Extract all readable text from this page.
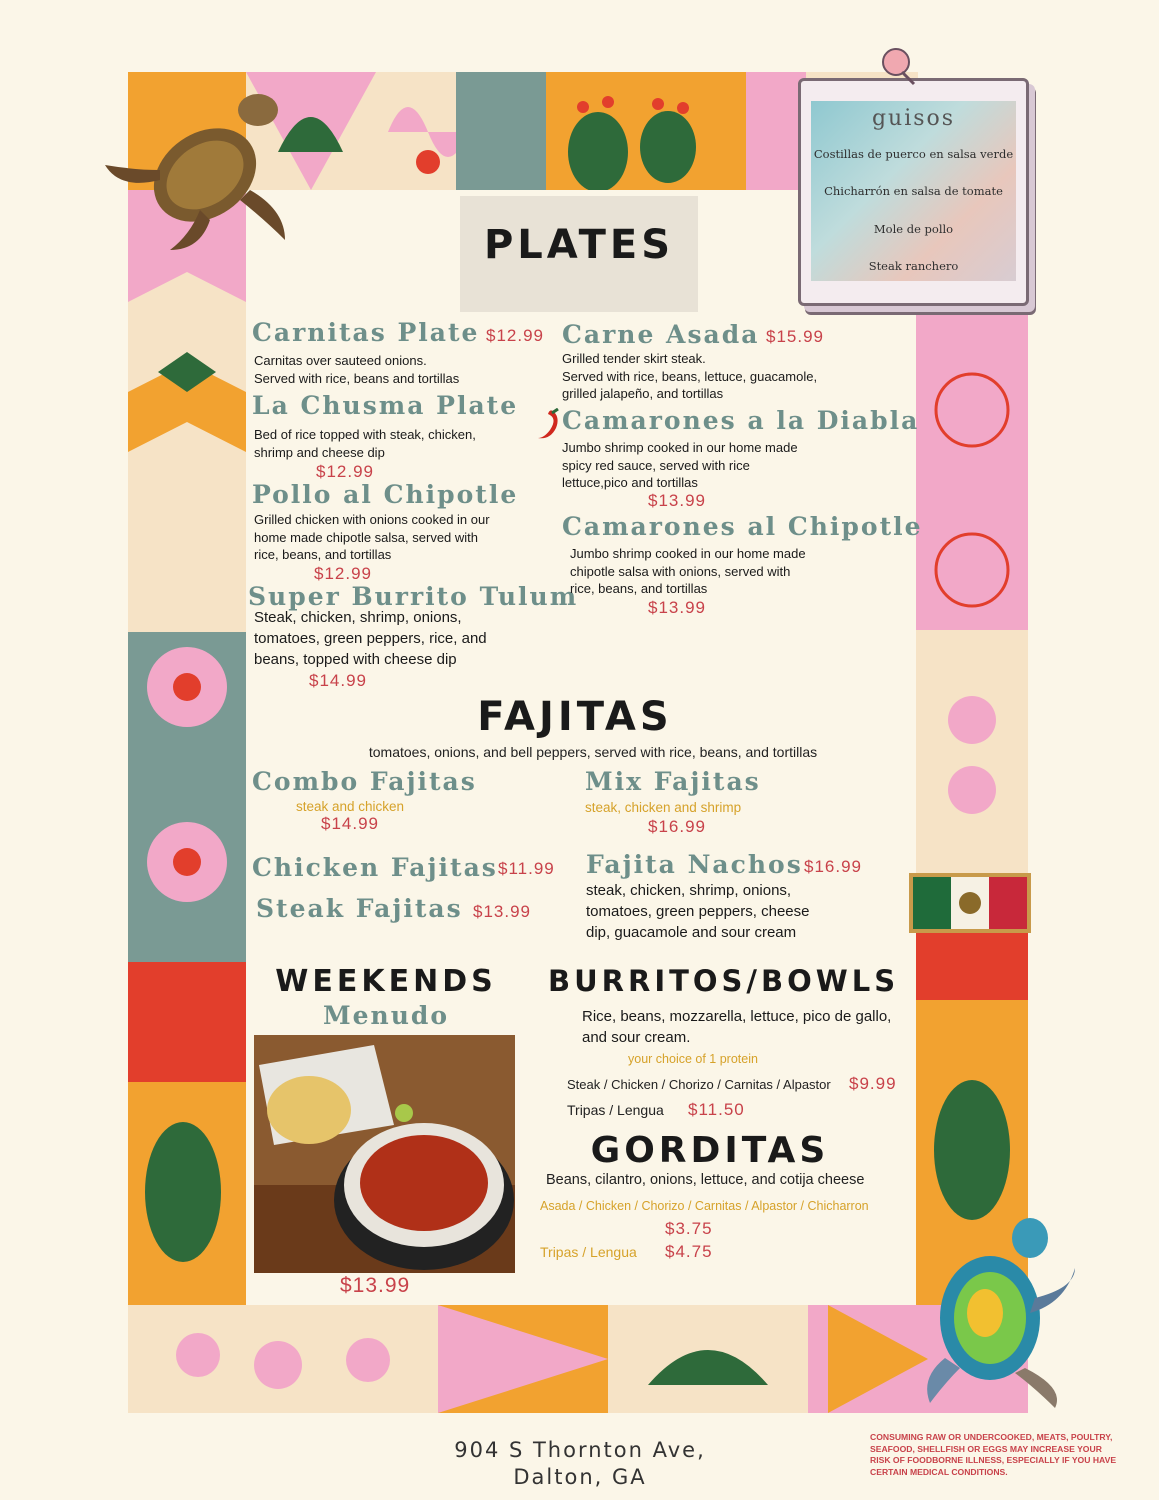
guisos
Costillas de puerco en salsa verde
Chicharrón en salsa de tomate
Mole de pollo
Steak ranchero
PLATES
Carnitas Plate $12.99
Carnitas over sauteed onions.
Served with rice, beans and tortillas
La Chusma Plate
Bed of rice topped with steak, chicken,
shrimp and cheese dip
$12.99
Pollo al Chipotle
Grilled chicken with onions cooked in our
home made chipotle salsa, served with
rice, beans, and tortillas
$12.99
Super Burrito Tulum
Steak, chicken, shrimp, onions,
tomatoes, green peppers, rice, and
beans, topped with cheese dip
$14.99
Carne Asada $15.99
Grilled tender skirt steak.
Served with rice, beans, lettuce, guacamole,
grilled jalapeño, and tortillas
Camarones a la Diabla
Jumbo shrimp cooked in our home made
spicy red sauce, served with rice
lettuce,pico and tortillas
$13.99
Camarones al Chipotle
Jumbo shrimp cooked in our home made
chipotle salsa with onions, served with
rice, beans, and tortillas
$13.99
FAJITAS
tomatoes, onions, and bell peppers, served with rice, beans, and tortillas
Combo Fajitas
steak and chicken
$14.99
Mix Fajitas
steak, chicken and shrimp
$16.99
Chicken Fajitas $11.99
Steak Fajitas $13.99
Fajita Nachos $16.99
steak, chicken, shrimp, onions,
tomatoes, green peppers, cheese
dip, guacamole and sour cream
WEEKENDS
Menudo
$13.99
BURRITOS/BOWLS
Rice, beans, mozzarella, lettuce, pico de gallo,
and sour cream.
your choice of 1 protein
Steak / Chicken / Chorizo / Carnitas / Alpastor $9.99
Tripas / Lengua $11.50
GORDITAS
Beans, cilantro, onions, lettuce, and cotija cheese
Asada / Chicken / Chorizo / Carnitas / Alpastor / Chicharron
$3.75
Tripas / Lengua $4.75
904 S Thornton Ave,
Dalton, GA
CONSUMING RAW OR UNDERCOOKED, MEATS, POULTRY, SEAFOOD, SHELLFISH OR EGGS MAY INCREASE YOUR RISK OF FOODBORNE ILLNESS, ESPECIALLY IF YOU HAVE CERTAIN MEDICAL CONDITIONS.
